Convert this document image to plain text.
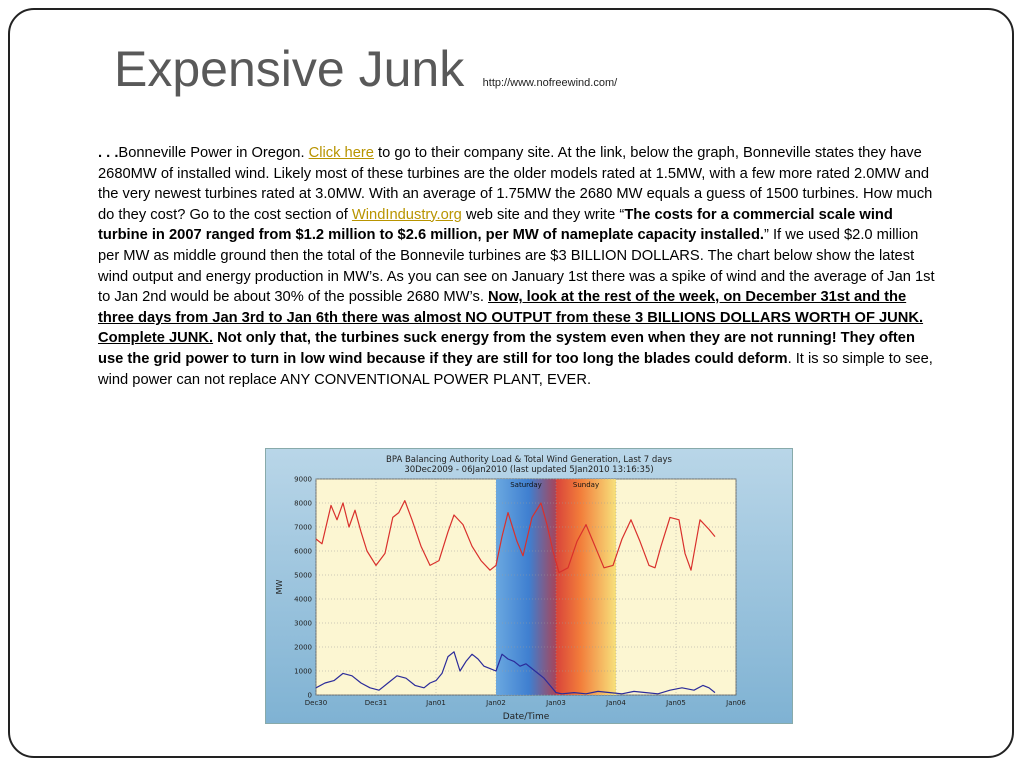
Expensive Junk http://www.nofreewind.com/
. . .Bonneville Power in Oregon. Click here to go to their company site. At the link, below the graph, Bonneville states they have 2680MW of installed wind. Likely most of these turbines are the older models rated at 1.5MW, with a few more rated 2.0MW and the very newest turbines rated at 3.0MW. With an average of 1.75MW the 2680 MW equals a guess of 1500 turbines. How much do they cost? Go to the cost section of WindIndustry.org web site and they write “The costs for a commercial scale wind turbine in 2007 ranged from $1.2 million to $2.6 million, per MW of nameplate capacity installed.” If we used $2.0 million per MW as middle ground then the total of the Bonnevile turbines are $3 BILLION DOLLARS. The chart below show the latest wind output and energy production in MW’s. As you can see on January 1st there was a spike of wind and the average of Jan 1st to Jan 2nd would be about 30% of the possible 2680 MW’s. Now, look at the rest of the week, on December 31st and the three days from Jan 3rd to Jan 6th there was almost NO OUTPUT from these 3 BILLIONS DOLLARS WORTH OF JUNK. Complete JUNK. Not only that, the turbines suck energy from the system even when they are not running! They often use the grid power to turn in low wind because if they are still for too long the blades could deform. It is so simple to see, wind power can not replace ANY CONVENTIONAL POWER PLANT, EVER.
BPA Balancing Authority Load & Total Wind Generation, Last 7 days
30Dec2009 - 06Jan2010 (last updated 5Jan2010 13:16:35)
Saturday	Sunday
0
1000
2000
3000
4000
5000
6000
7000
8000
9000
Dec30	Dec31	Jan01	Jan02	Jan03	Jan04	Jan05	Jan06
MW
Date/Time
